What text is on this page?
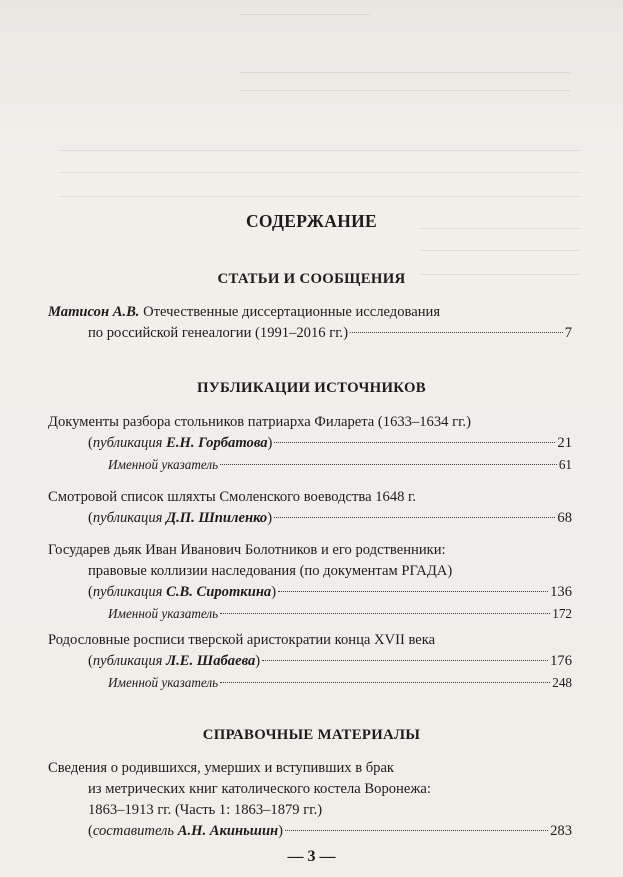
СОДЕРЖАНИЕ
СТАТЬИ И СООБЩЕНИЯ
Матисон А.В. Отечественные диссертационные исследования
по российской генеалогии (1991–2016 гг.)	7
ПУБЛИКАЦИИ ИСТОЧНИКОВ
Документы разбора стольников патриарха Филарета (1633–1634 гг.)
(публикация Е.Н. Горбатова)	21
Именной указатель	61
Смотровой список шляхты Смоленского воеводства 1648 г.
(публикация Д.П. Шпиленко)	68
Государев дьяк Иван Иванович Болотников и его родственники:
правовые коллизии наследования (по документам РГАДА)
(публикация С.В. Сироткина)	136
Именной указатель	172
Родословные росписи тверской аристократии конца XVII века
(публикация Л.Е. Шабаева)	176
Именной указатель	248
СПРАВОЧНЫЕ МАТЕРИАЛЫ
Сведения о родившихся, умерших и вступивших в брак
из метрических книг католического костела Воронежа:
1863–1913 гг. (Часть 1: 1863–1879 гг.)
(составитель А.Н. Акиньшин)	283
— 3 —
